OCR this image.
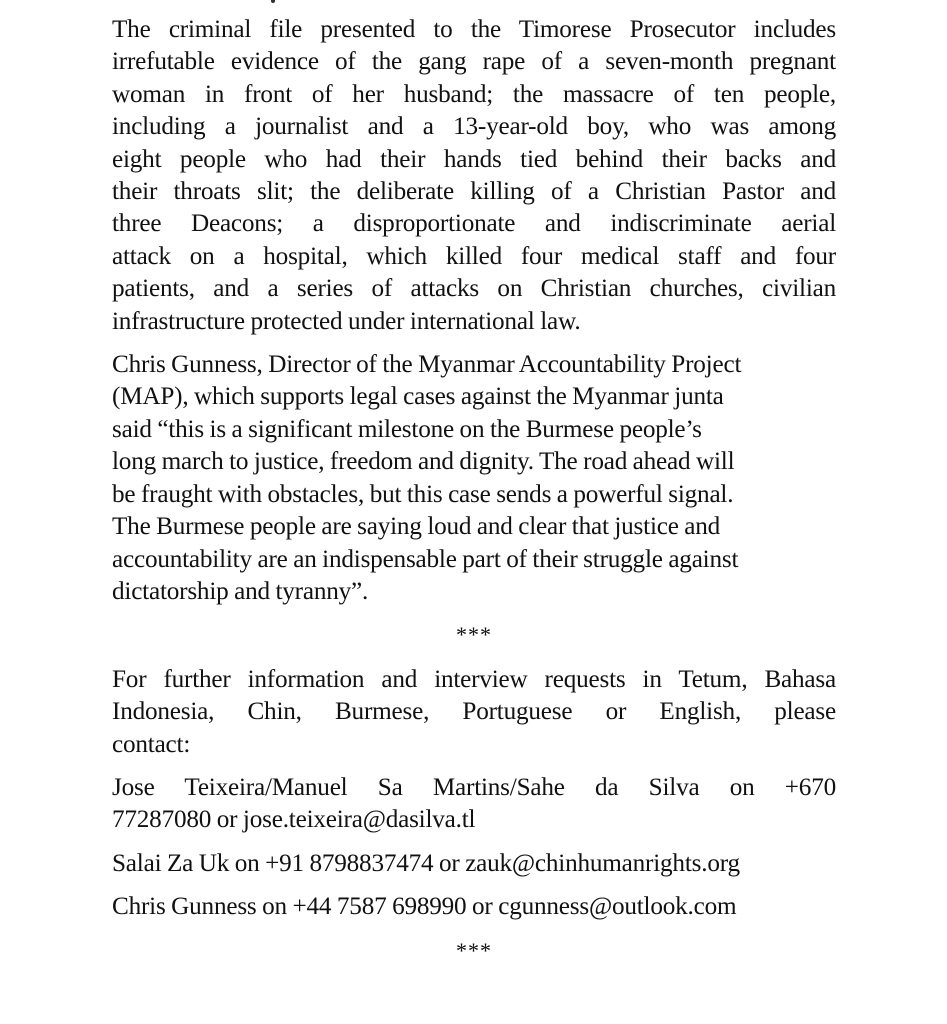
The criminal file presented to the Timorese Prosecutor includes
irrefutable evidence of the gang rape of a seven-month pregnant
woman in front of her husband; the massacre of ten people,
including a journalist and a 13-year-old boy, who was among
eight people who had their hands tied behind their backs and
their throats slit; the deliberate killing of a Christian Pastor and
three Deacons; a disproportionate and indiscriminate aerial
attack on a hospital, which killed four medical staff and four
patients, and a series of attacks on Christian churches, civilian
infrastructure protected under international law.
Chris Gunness, Director of the Myanmar Accountability Project
(MAP), which supports legal cases against the Myanmar junta
said “this is a significant milestone on the Burmese people’s
long march to justice, freedom and dignity. The road ahead will
be fraught with obstacles, but this case sends a powerful signal.
The Burmese people are saying loud and clear that justice and
accountability are an indispensable part of their struggle against
dictatorship and tyranny”.
***
For further information and interview requests in Tetum, Bahasa
Indonesia, Chin, Burmese, Portuguese or English, please
contact:
Jose Teixeira/Manuel Sa Martins/Sahe da Silva on +670
77287080 or jose.teixeira@dasilva.tl
Salai Za Uk on +91 8798837474 or zauk@chinhumanrights.org
Chris Gunness on +44 7587 698990 or cgunness@outlook.com
***
